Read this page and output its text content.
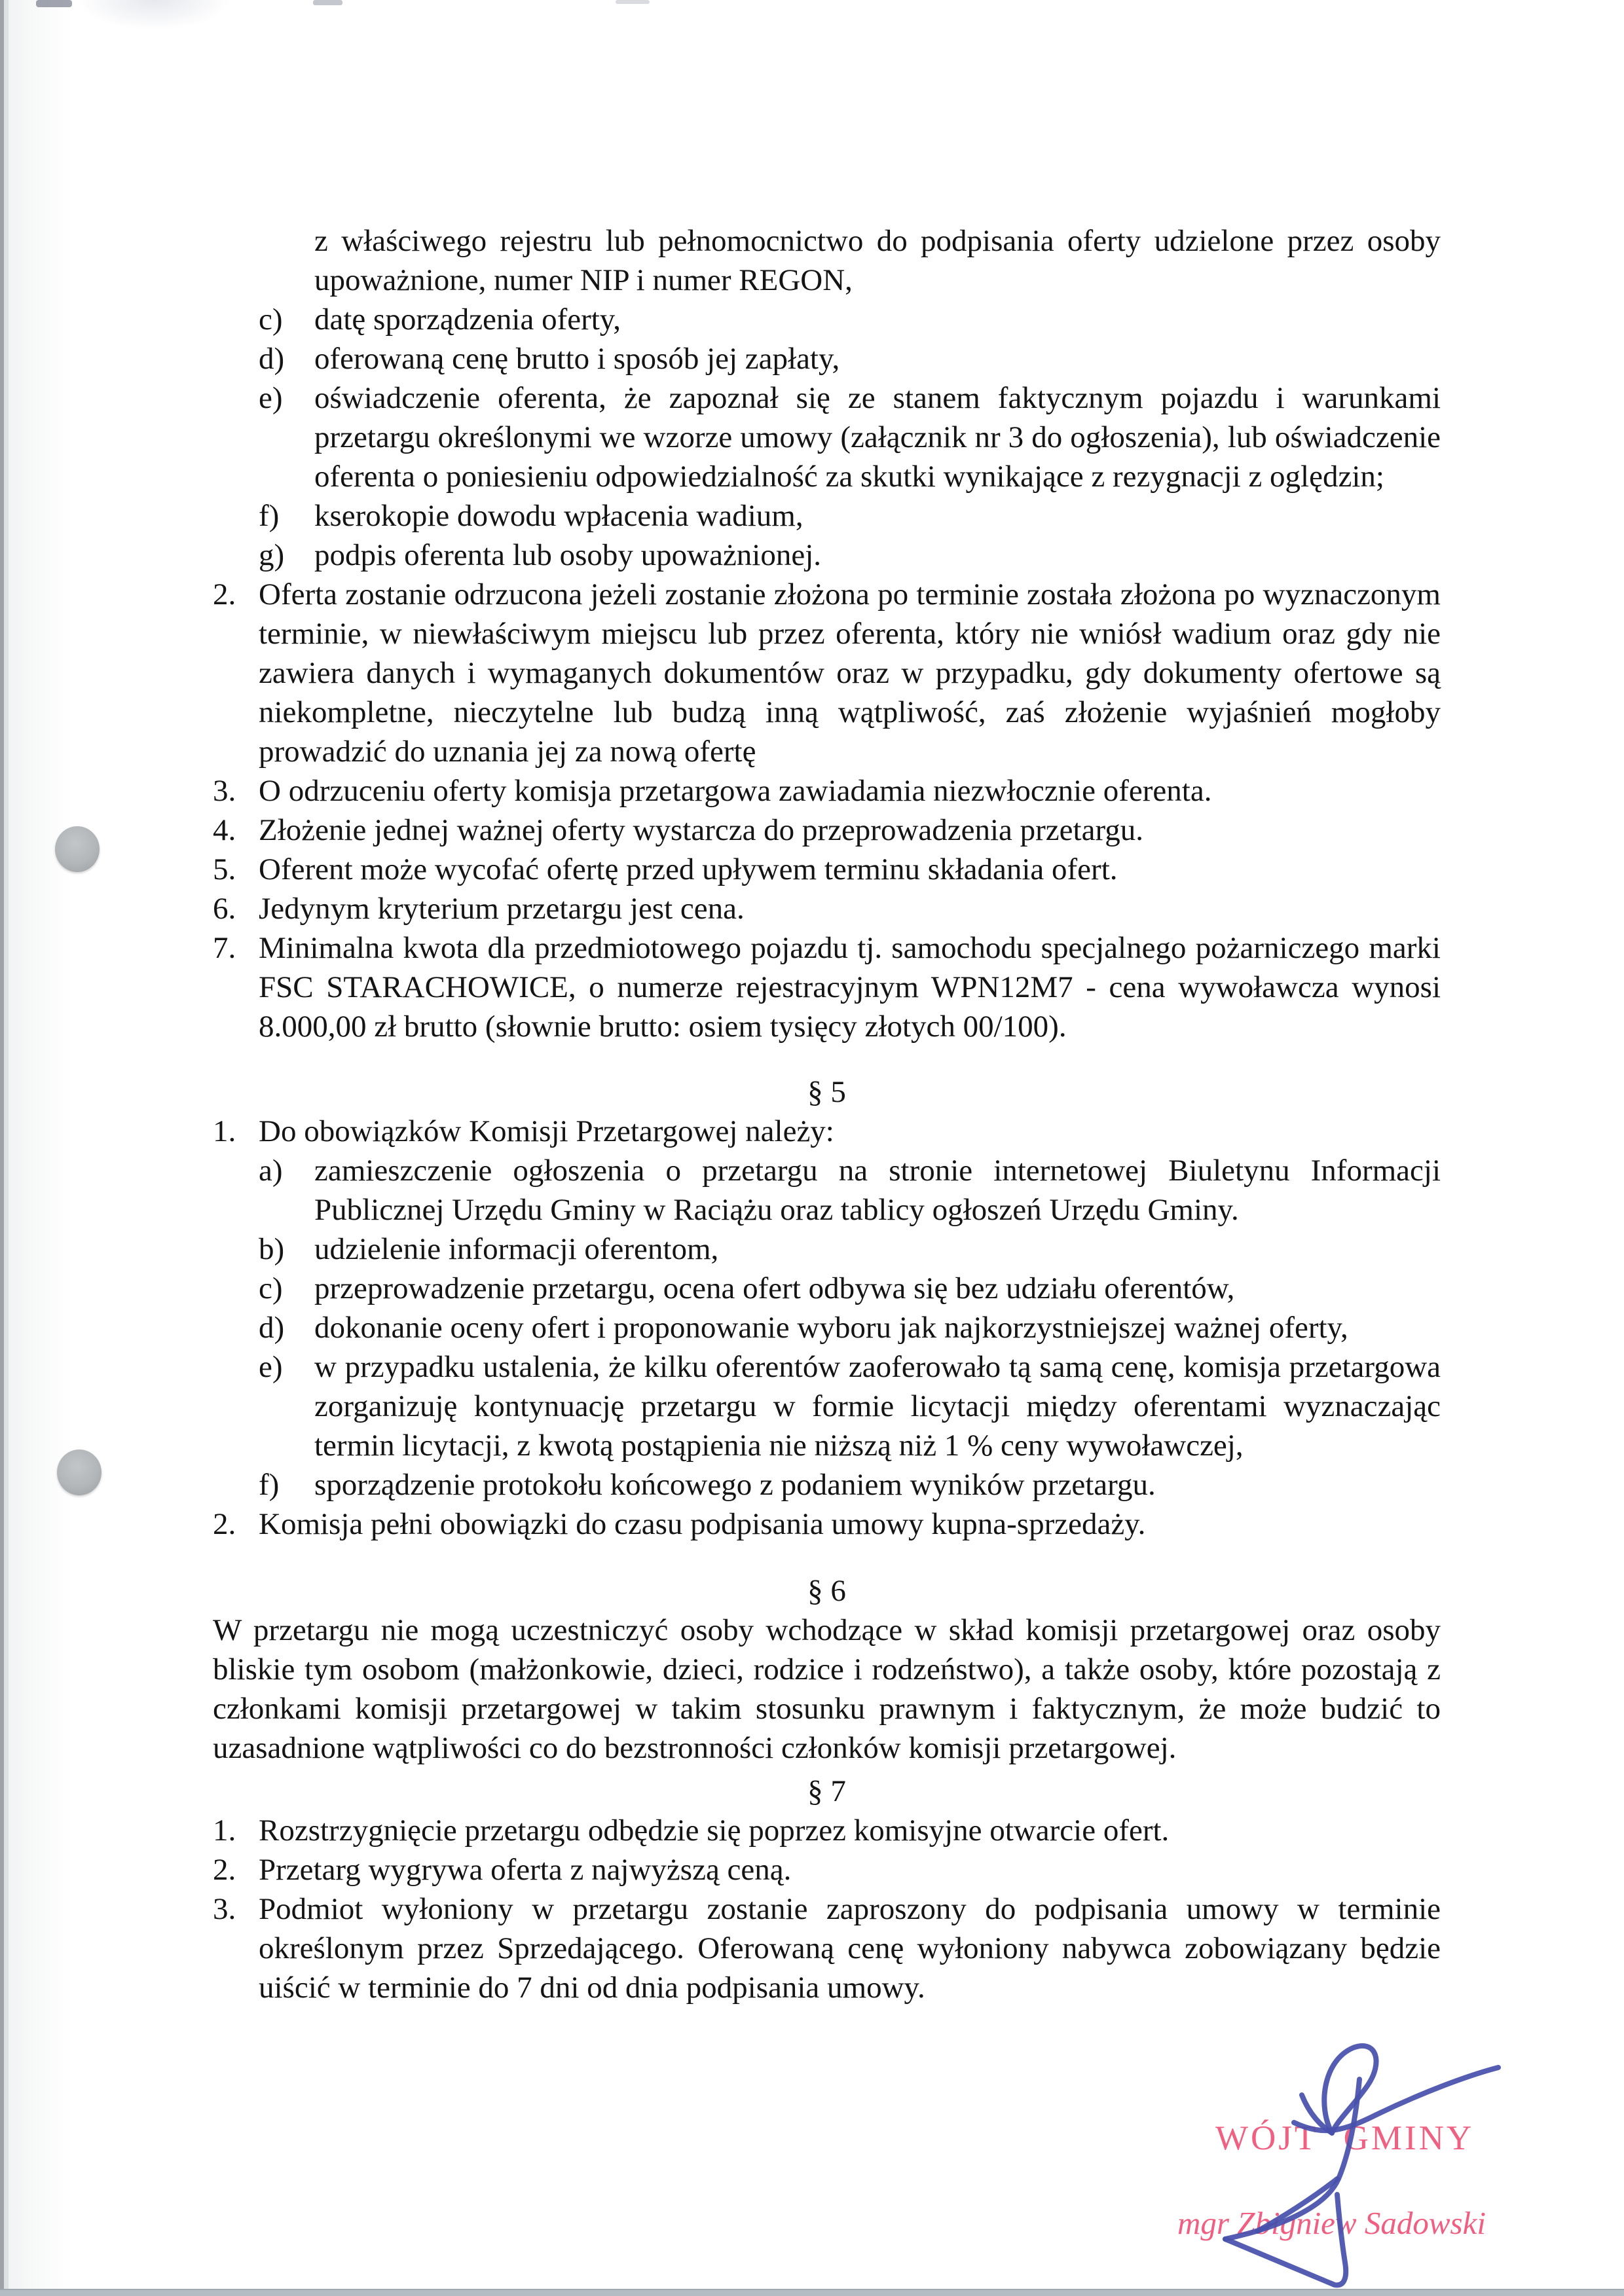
z właściwego rejestru lub pełnomocnictwo do podpisania oferty udzielone przez osoby upoważnione, numer NIP i numer REGON,
c)	datę sporządzenia oferty,
d) oferowaną cenę brutto i sposób jej zapłaty,
e)	oświadczenie oferenta, że zapoznał się ze stanem faktycznym pojazdu i warunkami przetargu określonymi we wzorze umowy (załącznik nr 3 do ogłoszenia), lub oświadczenie oferenta o poniesieniu odpowiedzialność za skutki wynikające z rezygnacji z oględzin;
f)	kserokopie dowodu wpłacenia wadium,
g) podpis oferenta lub osoby upoważnionej.
2. Oferta zostanie odrzucona jeżeli zostanie złożona po terminie została złożona po wyznaczonym terminie, w niewłaściwym miejscu lub przez oferenta, który nie wniósł wadium oraz gdy nie zawiera danych i wymaganych dokumentów oraz w przypadku, gdy dokumenty ofertowe są niekompletne, nieczytelne lub budzą inną wątpliwość, zaś złożenie wyjaśnień mogłoby prowadzić do uznania jej za nową ofertę
3. O odrzuceniu oferty komisja przetargowa zawiadamia niezwłocznie oferenta.
4. Złożenie jednej ważnej oferty wystarcza do przeprowadzenia przetargu.
5. Oferent może wycofać ofertę przed upływem terminu składania ofert.
6. Jedynym kryterium przetargu jest cena.
7. Minimalna kwota dla przedmiotowego pojazdu tj. samochodu specjalnego pożarniczego marki FSC STARACHOWICE, o numerze rejestracyjnym WPN12M7 - cena wywoławcza wynosi 8.000,00 zł brutto (słownie brutto: osiem tysięcy złotych 00/100).
§ 5
1. Do obowiązków Komisji Przetargowej należy:
a)	zamieszczenie ogłoszenia o przetargu na stronie internetowej Biuletynu Informacji Publicznej Urzędu Gminy w Raciążu oraz tablicy ogłoszeń Urzędu Gminy.
b) udzielenie informacji oferentom,
c)	przeprowadzenie przetargu, ocena ofert odbywa się bez udziału oferentów,
d) dokonanie oceny ofert i proponowanie wyboru jak najkorzystniejszej ważnej oferty,
e)	w przypadku ustalenia, że kilku oferentów zaoferowało tą samą cenę, komisja przetargowa zorganizuję kontynuację przetargu w formie licytacji między oferentami wyznaczając termin licytacji, z kwotą postąpienia nie niższą niż 1 % ceny wywoławczej,
f)	sporządzenie protokołu końcowego z podaniem wyników przetargu.
2. Komisja pełni obowiązki do czasu podpisania umowy kupna-sprzedaży.
§ 6
W przetargu nie mogą uczestniczyć osoby wchodzące w skład komisji przetargowej oraz osoby bliskie tym osobom (małżonkowie, dzieci, rodzice i rodzeństwo), a także osoby, które pozostają z członkami komisji przetargowej w takim stosunku prawnym i faktycznym, że może budzić to uzasadnione wątpliwości co do bezstronności członków komisji przetargowej.
§ 7
1. Rozstrzygnięcie przetargu odbędzie się poprzez komisyjne otwarcie ofert.
2. Przetarg wygrywa oferta z najwyższą ceną.
3. Podmiot wyłoniony w przetargu zostanie zaproszony do podpisania umowy w terminie określonym przez Sprzedającego. Oferowaną cenę wyłoniony nabywca zobowiązany będzie uiścić w terminie do 7 dni od dnia podpisania umowy.
WÓJT GMINY
mgr Zbigniew Sadowski
